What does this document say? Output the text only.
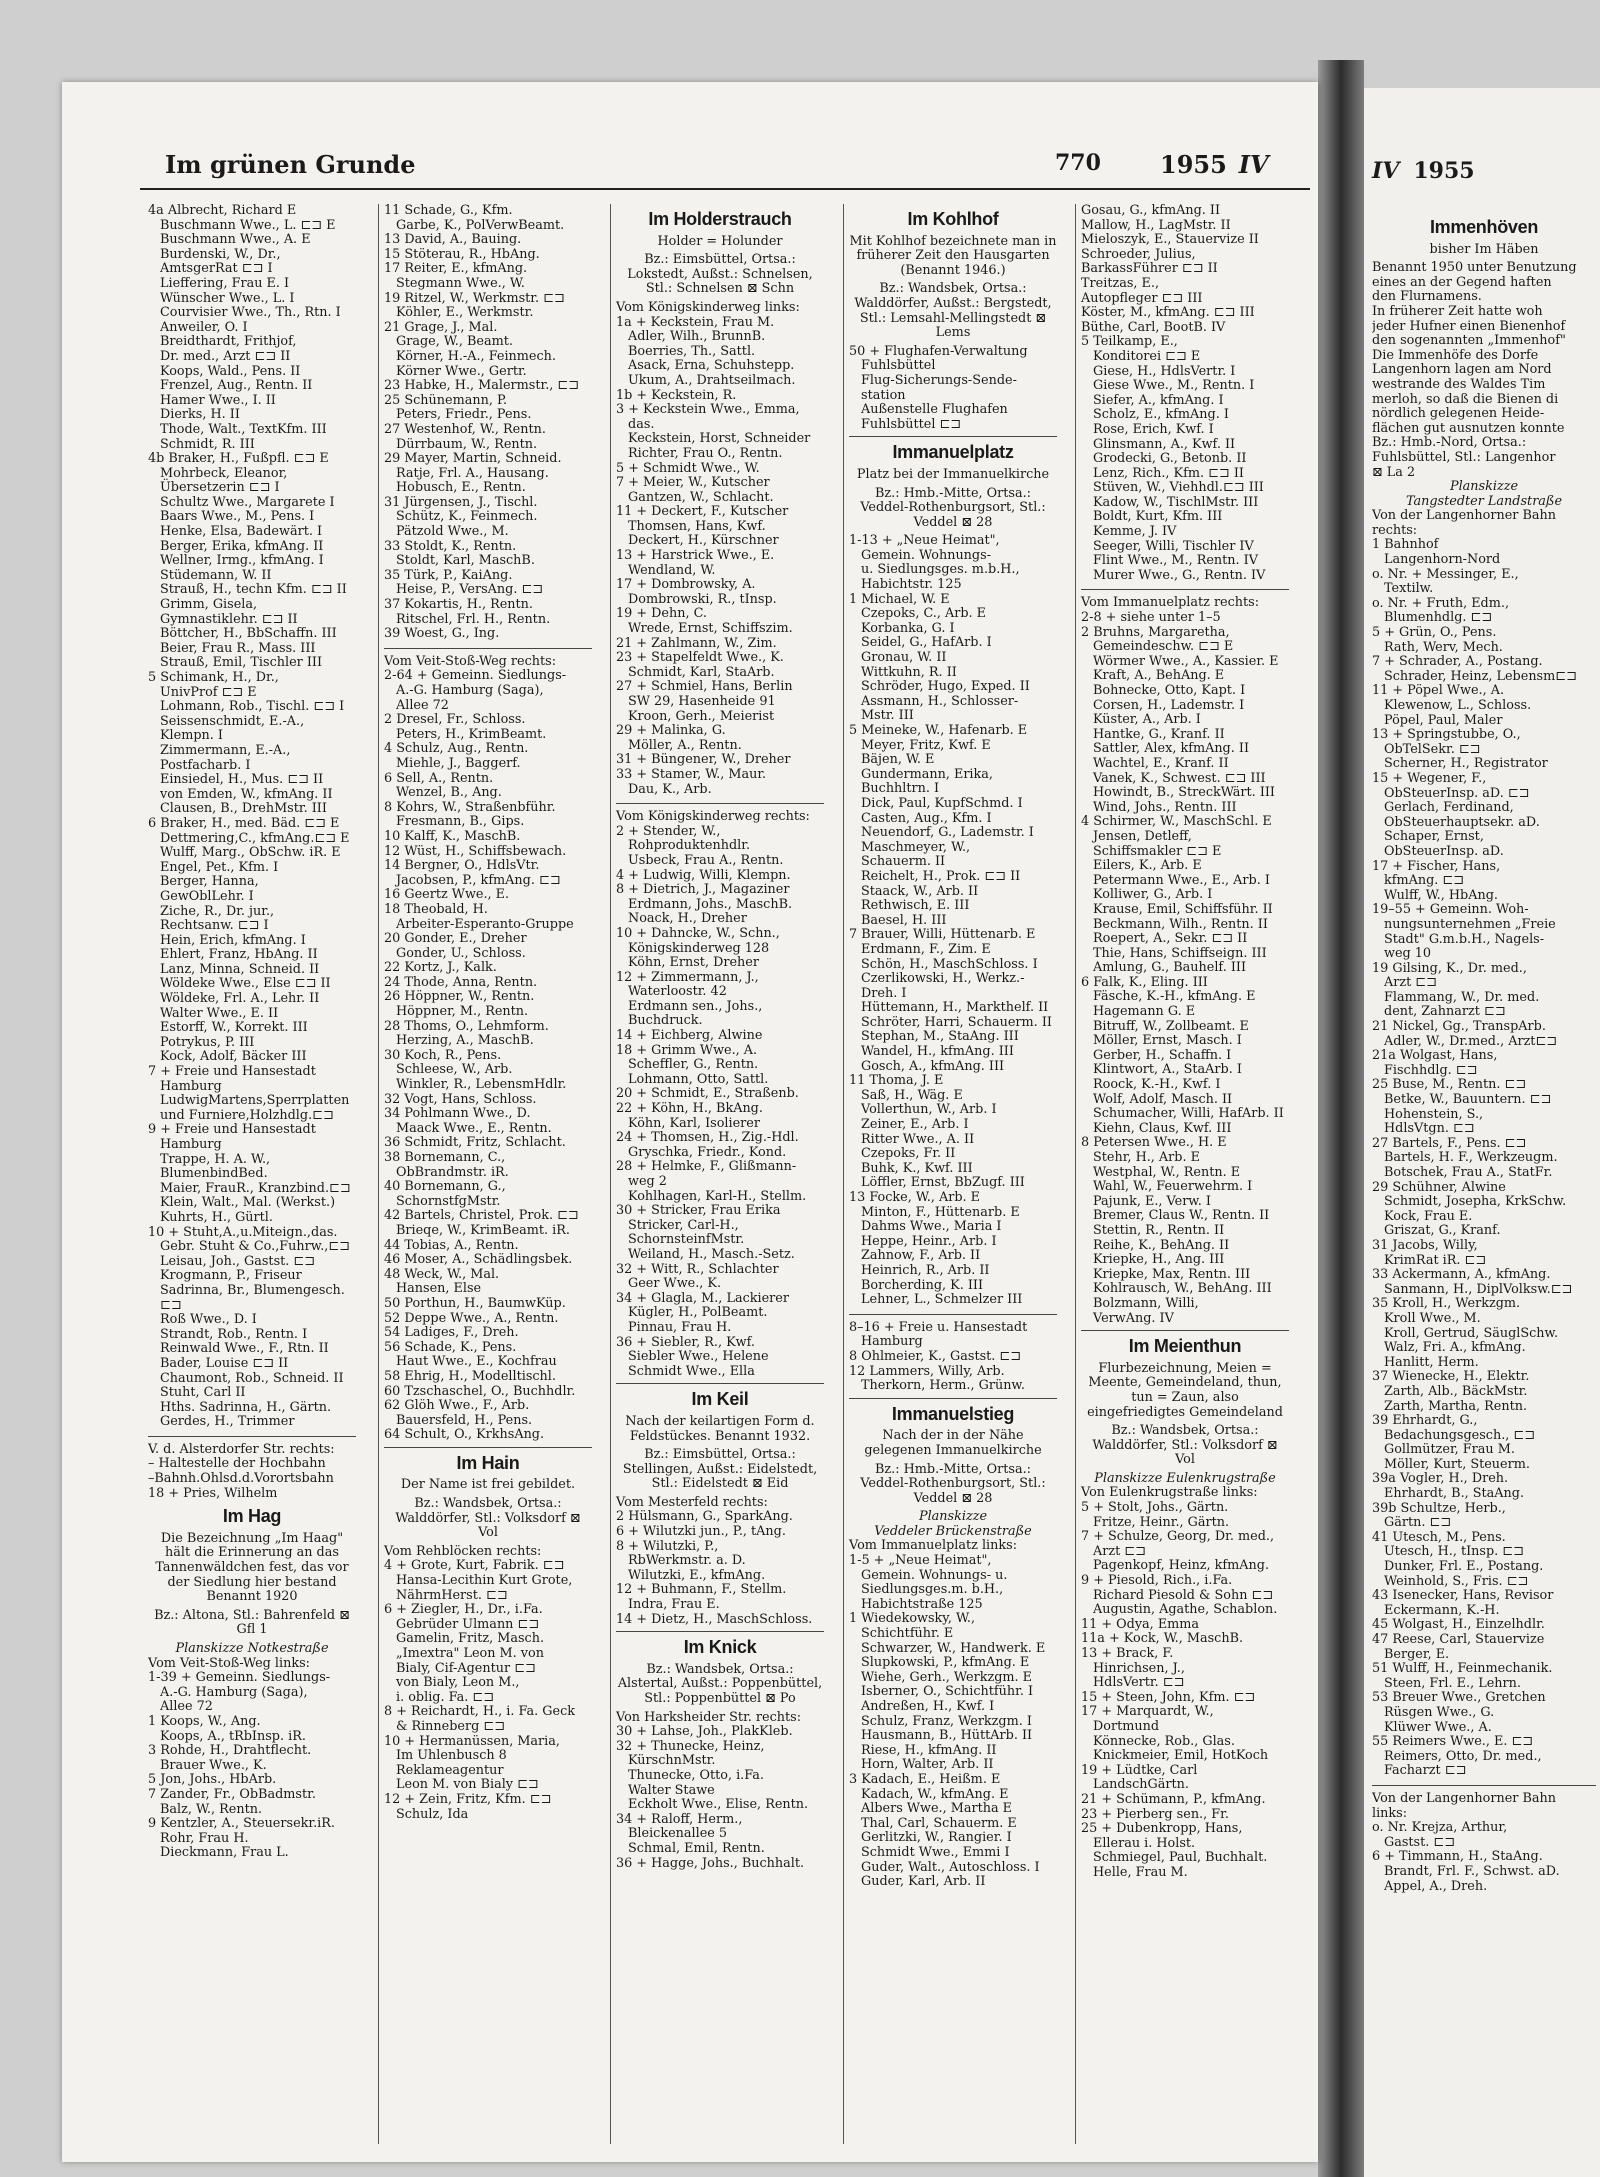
Im grünen Grunde	770 1955 IV
4a Albrecht, Richard E
Buschmann Wwe., L. ⊏⊐ E
Buschmann Wwe., A. E
Burdenski, W., Dr.,
AmtsgerRat ⊏⊐ I
Lieffering, Frau E. I
Wünscher Wwe., L. I
Courvisier Wwe., Th., Rtn. I
Anweiler, O. I
Breidthardt, Frithjof,
Dr. med., Arzt ⊏⊐ II
Koops, Wald., Pens. II
Frenzel, Aug., Rentn. II
Hamer Wwe., I. II
Dierks, H. II
Thode, Walt., TextKfm. III
Schmidt, R. III
4b Braker, H., Fußpfl. ⊏⊐ E
Mohrbeck, Eleanor,
Übersetzerin ⊏⊐ I
Schultz Wwe., Margarete I
Baars Wwe., M., Pens. I
Henke, Elsa, Badewärt. I
Berger, Erika, kfmAng. II
Wellner, Irmg., kfmAng. I
Stüdemann, W. II
Strauß, H., techn Kfm. ⊏⊐ II
Grimm, Gisela,
Gymnastiklehr. ⊏⊐ II
Böttcher, H., BbSchaffn. III
Beier, Frau R., Mass. III
Strauß, Emil, Tischler III
5 Schimank, H., Dr.,
UnivProf ⊏⊐ E
Lohmann, Rob., Tischl. ⊏⊐ I
Seissenschmidt, E.-A.,
Klempn. I
Zimmermann, E.-A.,
Postfacharb. I
Einsiedel, H., Mus. ⊏⊐ II
von Emden, W., kfmAng. II
Clausen, B., DrehMstr. III
6 Braker, H., med. Bäd. ⊏⊐ E
Dettmering,C., kfmAng.⊏⊐ E
Wulff, Marg., ObSchw. iR. E
Engel, Pet., Kfm. I
Berger, Hanna,
GewOblLehr. I
Ziche, R., Dr. jur.,
Rechtsanw. ⊏⊐ I
Hein, Erich, kfmAng. I
Ehlert, Franz, HbAng. II
Lanz, Minna, Schneid. II
Wöldeke Wwe., Else ⊏⊐ II
Wöldeke, Frl. A., Lehr. II
Walter Wwe., E. II
Estorff, W., Korrekt. III
Potrykus, P. III
Kock, Adolf, Bäcker III
7 + Freie und Hansestadt
Hamburg
LudwigMartens,Sperrplatten
und Furniere,Holzhdlg.⊏⊐
9 + Freie und Hansestadt
Hamburg
Trappe, H. A. W.,
BlumenbindBed.
Maier, FrauR., Kranzbind.⊏⊐
Klein, Walt., Mal. (Werkst.)
Kuhrts, H., Gürtl.
10 + Stuht,A.,u.Miteign.,das.
Gebr. Stuht & Co.,Fuhrw.,⊏⊐
Leisau, Joh., Gastst. ⊏⊐
Krogmann, P., Friseur
Sadrinna, Br., Blumengesch.
⊏⊐
Roß Wwe., D. I
Strandt, Rob., Rentn. I
Reinwald Wwe., F., Rtn. II
Bader, Louise ⊏⊐ II
Chaumont, Rob., Schneid. II
Stuht, Carl II
Hths. Sadrinna, H., Gärtn.
Gerdes, H., Trimmer
V. d. Alsterdorfer Str. rechts:
– Haltestelle der Hochbahn
–Bahnh.Ohlsd.d.Vorortsbahn
18 + Pries, Wilhelm
Im Hag
Die Bezeichnung „Im Haag" hält die Erinnerung an das Tannenwäldchen fest, das vor der Siedlung hier bestand Benannt 1920
Bz.: Altona, Stl.: Bahrenfeld ⊠ Gfl 1
Planskizze Notkestraße
Vom Veit-Stoß-Weg links:
1-39 + Gemeinn. Siedlungs-
A.-G. Hamburg (Saga),
Allee 72
1 Koops, W., Ang.
Koops, A., tRbInsp. iR.
3 Rohde, H., Drahtflecht.
Brauer Wwe., K.
5 Jon, Johs., HbArb.
7 Zander, Fr., ObBadmstr.
Balz, W., Rentn.
9 Kentzler, A., Steuersekr.iR.
Rohr, Frau H.
Dieckmann, Frau L.
11 Schade, G., Kfm.
Garbe, K., PolVerwBeamt.
13 David, A., Bauing.
15 Stöterau, R., HbAng.
17 Reiter, E., kfmAng.
Stegmann Wwe., W.
19 Ritzel, W., Werkmstr. ⊏⊐
Köhler, E., Werkmstr.
21 Grage, J., Mal.
Grage, W., Beamt.
Körner, H.-A., Feinmech.
Körner Wwe., Gertr.
23 Habke, H., Malermstr., ⊏⊐
25 Schünemann, P.
Peters, Friedr., Pens.
27 Westenhof, W., Rentn.
Dürrbaum, W., Rentn.
29 Mayer, Martin, Schneid.
Ratje, Frl. A., Hausang.
Hobusch, E., Rentn.
31 Jürgensen, J., Tischl.
Schütz, K., Feinmech.
Pätzold Wwe., M.
33 Stoldt, K., Rentn.
Stoldt, Karl, MaschB.
35 Türk, P., KaiAng.
Heise, P., VersAng. ⊏⊐
37 Kokartis, H., Rentn.
Ritschel, Frl. H., Rentn.
39 Woest, G., Ing.
Vom Veit-Stoß-Weg rechts:
2-64 + Gemeinn. Siedlungs-
A.-G. Hamburg (Saga),
Allee 72
2 Dresel, Fr., Schloss.
Peters, H., KrimBeamt.
4 Schulz, Aug., Rentn.
Miehle, J., Baggerf.
6 Sell, A., Rentn.
Wenzel, B., Ang.
8 Kohrs, W., Straßenbführ.
Fresmann, B., Gips.
10 Kalff, K., MaschB.
12 Wüst, H., Schiffsbewach.
14 Bergner, O., HdlsVtr.
Jacobsen, P., kfmAng. ⊏⊐
16 Geertz Wwe., E.
18 Theobald, H.
Arbeiter-Esperanto-Gruppe
20 Gonder, E., Dreher
Gonder, U., Schloss.
22 Kortz, J., Kalk.
24 Thode, Anna, Rentn.
26 Höppner, W., Rentn.
Höppner, M., Rentn.
28 Thoms, O., Lehmform.
Herzing, A., MaschB.
30 Koch, R., Pens.
Schleese, W., Arb.
Winkler, R., LebensmHdlr.
32 Vogt, Hans, Schloss.
34 Pohlmann Wwe., D.
Maack Wwe., E., Rentn.
36 Schmidt, Fritz, Schlacht.
38 Bornemann, C.,
ObBrandmstr. iR.
40 Bornemann, G.,
SchornstfgMstr.
42 Bartels, Christel, Prok. ⊏⊐
Brieqe, W., KrimBeamt. iR.
44 Tobias, A., Rentn.
46 Moser, A., Schädlingsbek.
48 Weck, W., Mal.
Hansen, Else
50 Porthun, H., BaumwKüp.
52 Deppe Wwe., A., Rentn.
54 Ladiges, F., Dreh.
56 Schade, K., Pens.
Haut Wwe., E., Kochfrau
58 Ehrig, H., Modelltischl.
60 Tzschaschel, O., Buchhdlr.
62 Glöh Wwe., F., Arb.
Bauersfeld, H., Pens.
64 Schult, O., KrkhsAng.
Im Hain
Der Name ist frei gebildet.
Bz.: Wandsbek, Ortsa.: Walddörfer, Stl.: Volksdorf ⊠ Vol
Vom Rehblöcken rechts:
4 + Grote, Kurt, Fabrik. ⊏⊐
Hansa-Lecithin Kurt Grote,
NährmHerst. ⊏⊐
6 + Ziegler, H., Dr., i.Fa.
Gebrüder Ulmann ⊏⊐
Gamelin, Fritz, Masch.
„Imextra" Leon M. von
Bialy, Cif-Agentur ⊏⊐
von Bialy, Leon M.,
i. oblig. Fa. ⊏⊐
8 + Reichardt, H., i. Fa. Geck
& Rinneberg ⊏⊐
10 + Hermanüssen, Maria,
Im Uhlenbusch 8
Reklameagentur
Leon M. von Bialy ⊏⊐
12 + Zein, Fritz, Kfm. ⊏⊐
Schulz, Ida
Im Holderstrauch
Holder = Holunder
Bz.: Eimsbüttel, Ortsa.: Lokstedt, Außst.: Schnelsen, Stl.: Schnelsen ⊠ Schn
Vom Königskinderweg links:
1a + Keckstein, Frau M.
Adler, Wilh., BrunnB.
Boerries, Th., Sattl.
Asack, Erna, Schuhstepp.
Ukum, A., Drahtseilmach.
1b + Keckstein, R.
3 + Keckstein Wwe., Emma,
das.
Keckstein, Horst, Schneider
Richter, Frau O., Rentn.
5 + Schmidt Wwe., W.
7 + Meier, W., Kutscher
Gantzen, W., Schlacht.
11 + Deckert, F., Kutscher
Thomsen, Hans, Kwf.
Deckert, H., Kürschner
13 + Harstrick Wwe., E.
Wendland, W.
17 + Dombrowsky, A.
Dombrowski, R., tInsp.
19 + Dehn, C.
Wrede, Ernst, Schiffszim.
21 + Zahlmann, W., Zim.
23 + Stapelfeldt Wwe., K.
Schmidt, Karl, StaArb.
27 + Schmiel, Hans, Berlin
SW 29, Hasenheide 91
Kroon, Gerh., Meierist
29 + Malinka, G.
Möller, A., Rentn.
31 + Büngener, W., Dreher
33 + Stamer, W., Maur.
Dau, K., Arb.
Vom Königskinderweg rechts:
2 + Stender, W.,
Rohproduktenhdlr.
Usbeck, Frau A., Rentn.
4 + Ludwig, Willi, Klempn.
8 + Dietrich, J., Magaziner
Erdmann, Johs., MaschB.
Noack, H., Dreher
10 + Dahncke, W., Schn.,
Königskinderweg 128
Köhn, Ernst, Dreher
12 + Zimmermann, J.,
Waterloostr. 42
Erdmann sen., Johs.,
Buchdruck.
14 + Eichberg, Alwine
18 + Grimm Wwe., A.
Scheffler, G., Rentn.
Lohmann, Otto, Sattl.
20 + Schmidt, E., Straßenb.
22 + Köhn, H., BkAng.
Köhn, Karl, Isolierer
24 + Thomsen, H., Zig.-Hdl.
Gryschka, Friedr., Kond.
28 + Helmke, F., Glißmann-
weg 2
Kohlhagen, Karl-H., Stellm.
30 + Stricker, Frau Erika
Stricker, Carl-H.,
SchornsteinfMstr.
Weiland, H., Masch.-Setz.
32 + Witt, R., Schlachter
Geer Wwe., K.
34 + Glagla, M., Lackierer
Kügler, H., PolBeamt.
Pinnau, Frau H.
36 + Siebler, R., Kwf.
Siebler Wwe., Helene
Schmidt Wwe., Ella
Im Keil
Nach der keilartigen Form d. Feldstückes. Benannt 1932.
Bz.: Eimsbüttel, Ortsa.: Stellingen, Außst.: Eidelstedt, Stl.: Eidelstedt ⊠ Eid
Vom Mesterfeld rechts:
2 Hülsmann, G., SparkAng.
6 + Wilutzki jun., P., tAng.
8 + Wilutzki, P.,
RbWerkmstr. a. D.
Wilutzki, E., kfmAng.
12 + Buhmann, F., Stellm.
Indra, Frau E.
14 + Dietz, H., MaschSchloss.
Im Knick
Bz.: Wandsbek, Ortsa.: Alstertal, Außst.: Poppenbüttel, Stl.: Poppenbüttel ⊠ Po
Von Harksheider Str. rechts:
30 + Lahse, Joh., PlakKleb.
32 + Thunecke, Heinz,
KürschnMstr.
Thunecke, Otto, i.Fa.
Walter Stawe
Eckholt Wwe., Elise, Rentn.
34 + Raloff, Herm.,
Bleickenallee 5
Schmal, Emil, Rentn.
36 + Hagge, Johs., Buchhalt.
Im Kohlhof
Mit Kohlhof bezeichnete man in früherer Zeit den Hausgarten (Benannt 1946.)
Bz.: Wandsbek, Ortsa.: Walddörfer, Außst.: Bergstedt, Stl.: Lemsahl-Mellingstedt ⊠ Lems
50 + Flughafen-Verwaltung
Fuhlsbüttel
Flug-Sicherungs-Sende-
station
Außenstelle Flughafen
Fuhlsbüttel ⊏⊐
Immanuelplatz
Platz bei der Immanuelkirche
Bz.: Hmb.-Mitte, Ortsa.: Veddel-Rothenburgsort, Stl.: Veddel ⊠ 28
1-13 + „Neue Heimat",
Gemein. Wohnungs-
u. Siedlungsges. m.b.H.,
Habichtstr. 125
1 Michael, W. E
Czepoks, C., Arb. E
Korbanka, G. I
Seidel, G., HafArb. I
Gronau, W. II
Wittkuhn, R. II
Schröder, Hugo, Exped. II
Assmann, H., Schlosser-
Mstr. III
5 Meineke, W., Hafenarb. E
Meyer, Fritz, Kwf. E
Bäjen, W. E
Gundermann, Erika,
Buchhltrn. I
Dick, Paul, KupfSchmd. I
Casten, Aug., Kfm. I
Neuendorf, G., Lademstr. I
Maschmeyer, W.,
Schauerm. II
Reichelt, H., Prok. ⊏⊐ II
Staack, W., Arb. II
Rethwisch, E. III
Baesel, H. III
7 Brauer, Willi, Hüttenarb. E
Erdmann, F., Zim. E
Schön, H., MaschSchloss. I
Czerlikowski, H., Werkz.-
Dreh. I
Hüttemann, H., Markthelf. II
Schröter, Harri, Schauerm. II
Stephan, M., StaAng. III
Wandel, H., kfmAng. III
Gosch, A., kfmAng. III
11 Thoma, J. E
Saß, H., Wäg. E
Vollerthun, W., Arb. I
Zeiner, E., Arb. I
Ritter Wwe., A. II
Czepoks, Fr. II
Buhk, K., Kwf. III
Löffler, Ernst, BbZugf. III
13 Focke, W., Arb. E
Minton, F., Hüttenarb. E
Dahms Wwe., Maria I
Heppe, Heinr., Arb. I
Zahnow, F., Arb. II
Heinrich, R., Arb. II
Borcherding, K. III
Lehner, L., Schmelzer III
8–16 + Freie u. Hansestadt
Hamburg
8 Ohlmeier, K., Gastst. ⊏⊐
12 Lammers, Willy, Arb.
Therkorn, Herm., Grünw.
Immanuelstieg
Nach der in der Nähe gelegenen Immanuelkirche
Bz.: Hmb.-Mitte, Ortsa.: Veddel-Rothenburgsort, Stl.: Veddel ⊠ 28
Planskizze
Veddeler Brückenstraße
Vom Immanuelplatz links:
1-5 + „Neue Heimat",
Gemein. Wohnungs- u.
Siedlungsges.m. b.H.,
Habichtstraße 125
1 Wiedekowsky, W.,
Schichtführ. E
Schwarzer, W., Handwerk. E
Slupkowski, P., kfmAng. E
Wiehe, Gerh., Werkzgm. E
Isberner, O., Schichtführ. I
Andreßen, H., Kwf. I
Schulz, Franz, Werkzgm. I
Hausmann, B., HüttArb. II
Riese, H., kfmAng. II
Horn, Walter, Arb. II
3 Kadach, E., Heißm. E
Kadach, W., kfmAng. E
Albers Wwe., Martha E
Thal, Carl, Schauerm. E
Gerlitzki, W., Rangier. I
Schmidt Wwe., Emmi I
Guder, Walt., Autoschloss. I
Guder, Karl, Arb. II
Gosau, G., kfmAng. II
Mallow, H., LagMstr. II
Mieloszyk, E., Stauervize II
Schroeder, Julius,
BarkassFührer ⊏⊐ II
Treitzas, E.,
Autopfleger ⊏⊐ III
Köster, M., kfmAng. ⊏⊐ III
Büthe, Carl, BootB. IV
5 Teilkamp, E.,
Konditorei ⊏⊐ E
Giese, H., HdlsVertr. I
Giese Wwe., M., Rentn. I
Siefer, A., kfmAng. I
Scholz, E., kfmAng. I
Rose, Erich, Kwf. I
Glinsmann, A., Kwf. II
Grodecki, G., Betonb. II
Lenz, Rich., Kfm. ⊏⊐ II
Stüven, W., Viehhdl.⊏⊐ III
Kadow, W., TischlMstr. III
Boldt, Kurt, Kfm. III
Kemme, J. IV
Seeger, Willi, Tischler IV
Flint Wwe., M., Rentn. IV
Murer Wwe., G., Rentn. IV
Vom Immanuelplatz rechts:
2-8 + siehe unter 1–5
2 Bruhns, Margaretha,
Gemeindeschw. ⊏⊐ E
Wörmer Wwe., A., Kassier. E
Kraft, A., BehAng. E
Bohnecke, Otto, Kapt. I
Corsen, H., Lademstr. I
Küster, A., Arb. I
Hantke, G., Kranf. II
Sattler, Alex, kfmAng. II
Wachtel, E., Kranf. II
Vanek, K., Schwest. ⊏⊐ III
Howindt, B., StreckWärt. III
Wind, Johs., Rentn. III
4 Schirmer, W., MaschSchl. E
Jensen, Detleff,
Schiffsmakler ⊏⊐ E
Eilers, K., Arb. E
Petermann Wwe., E., Arb. I
Kolliwer, G., Arb. I
Krause, Emil, Schiffsführ. II
Beckmann, Wilh., Rentn. II
Roepert, A., Sekr. ⊏⊐ II
Thie, Hans, Schiffseign. III
Amlung, G., Bauhelf. III
6 Falk, K., Eling. III
Fäsche, K.-H., kfmAng. E
Hagemann G. E
Bitruff, W., Zollbeamt. E
Möller, Ernst, Masch. I
Gerber, H., Schaffn. I
Klintwort, A., StaArb. I
Roock, K.-H., Kwf. I
Wolf, Adolf, Masch. II
Schumacher, Willi, HafArb. II
Kiehn, Claus, Kwf. III
8 Petersen Wwe., H. E
Stehr, H., Arb. E
Westphal, W., Rentn. E
Wahl, W., Feuerwehrm. I
Pajunk, E., Verw. I
Bremer, Claus W., Rentn. II
Stettin, R., Rentn. II
Reihe, K., BehAng. II
Kriepke, H., Ang. III
Kriepke, Max, Rentn. III
Kohlrausch, W., BehAng. III
Bolzmann, Willi,
VerwAng. IV
Im Meienthun
Flurbezeichnung, Meien = Meente, Gemeindeland, thun, tun = Zaun, also eingefriedigtes Gemeindeland
Bz.: Wandsbek, Ortsa.: Walddörfer, Stl.: Volksdorf ⊠ Vol
Planskizze Eulenkrugstraße
Von Eulenkrugstraße links:
5 + Stolt, Johs., Gärtn.
Fritze, Heinr., Gärtn.
7 + Schulze, Georg, Dr. med.,
Arzt ⊏⊐
Pagenkopf, Heinz, kfmAng.
9 + Piesold, Rich., i.Fa.
Richard Piesold & Sohn ⊏⊐
Augustin, Agathe, Schablon.
11 + Odya, Emma
11a + Kock, W., MaschB.
13 + Brack, F.
Hinrichsen, J.,
HdlsVertr. ⊏⊐
15 + Steen, John, Kfm. ⊏⊐
17 + Marquardt, W.,
Dortmund
Könnecke, Rob., Glas.
Knickmeier, Emil, HotKoch
19 + Lüdtke, Carl
LandschGärtn.
21 + Schümann, P., kfmAng.
23 + Pierberg sen., Fr.
25 + Dubenkropp, Hans,
Ellerau i. Holst.
Schmiegel, Paul, Buchhalt.
Helle, Frau M.
IV 1955
Immenhöven
bisher Im Häben
Benannt 1950 unter Benutzung
eines an der Gegend haften
den Flurnamens.
In früherer Zeit hatte woh
jeder Hufner einen Bienenhof
den sogenannten „Immenhof"
Die Immenhöfe des Dorfe
Langenhorn lagen am Nord
westrande des Waldes Tim
merloh, so daß die Bienen di
nördlich gelegenen Heide-
flächen gut ausnutzen konnte
Bz.: Hmb.-Nord, Ortsa.:
Fuhlsbüttel, Stl.: Langenhor
⊠ La 2
Planskizze
Tangstedter Landstraße
Von der Langenhorner Bahn
rechts:
1 Bahnhof
Langenhorn-Nord
o. Nr. + Messinger, E.,
Textilw.
o. Nr. + Fruth, Edm.,
Blumenhdlg. ⊏⊐
5 + Grün, O., Pens.
Rath, Werv, Mech.
7 + Schrader, A., Postang.
Schrader, Heinz, Lebensm⊏⊐
11 + Pöpel Wwe., A.
Klewenow, L., Schloss.
Pöpel, Paul, Maler
13 + Springstubbe, O.,
ObTelSekr. ⊏⊐
Scherner, H., Registrator
15 + Wegener, F.,
ObSteuerInsp. aD. ⊏⊐
Gerlach, Ferdinand,
ObSteuerhauptsekr. aD.
Schaper, Ernst,
ObSteuerInsp. aD.
17 + Fischer, Hans,
kfmAng. ⊏⊐
Wulff, W., HbAng.
19–55 + Gemeinn. Woh-
nungsunternehmen „Freie
Stadt" G.m.b.H., Nagels-
weg 10
19 Gilsing, K., Dr. med.,
Arzt ⊏⊐
Flammang, W., Dr. med.
dent, Zahnarzt ⊏⊐
21 Nickel, Gg., TranspArb.
Adler, W., Dr.med., Arzt⊏⊐
21a Wolgast, Hans,
Fischhdlg. ⊏⊐
25 Buse, M., Rentn. ⊏⊐
Betke, W., Bauuntern. ⊏⊐
Hohenstein, S.,
HdlsVtgn. ⊏⊐
27 Bartels, F., Pens. ⊏⊐
Bartels, H. F., Werkzeugm.
Botschek, Frau A., StatFr.
29 Schühner, Alwine
Schmidt, Josepha, KrkSchw.
Kock, Frau E.
Griszat, G., Kranf.
31 Jacobs, Willy,
KrimRat iR. ⊏⊐
33 Ackermann, A., kfmAng.
Sanmann, H., DiplVolksw.⊏⊐
35 Kroll, H., Werkzgm.
Kroll Wwe., M.
Kroll, Gertrud, SäuglSchw.
Walz, Fri. A., kfmAng.
Hanlitt, Herm.
37 Wienecke, H., Elektr.
Zarth, Alb., BäckMstr.
Zarth, Martha, Rentn.
39 Ehrhardt, G.,
Bedachungsgesch., ⊏⊐
Gollmützer, Frau M.
Möller, Kurt, Steuerm.
39a Vogler, H., Dreh.
Ehrhardt, B., StaAng.
39b Schultze, Herb.,
Gärtn. ⊏⊐
41 Utesch, M., Pens.
Utesch, H., tInsp. ⊏⊐
Dunker, Frl. E., Postang.
Weinhold, S., Fris. ⊏⊐
43 Isenecker, Hans, Revisor
Eckermann, K.-H.
45 Wolgast, H., Einzelhdlr.
47 Reese, Carl, Stauervize
Berger, E.
51 Wulff, H., Feinmechanik.
Steen, Frl. E., Lehrn.
53 Breuer Wwe., Gretchen
Rüsgen Wwe., G.
Klüwer Wwe., A.
55 Reimers Wwe., E. ⊏⊐
Reimers, Otto, Dr. med.,
Facharzt ⊏⊐
Von der Langenhorner Bahn
links:
o. Nr. Krejza, Arthur,
Gastst. ⊏⊐
6 + Timmann, H., StaAng.
Brandt, Frl. F., Schwst. aD.
Appel, A., Dreh.
